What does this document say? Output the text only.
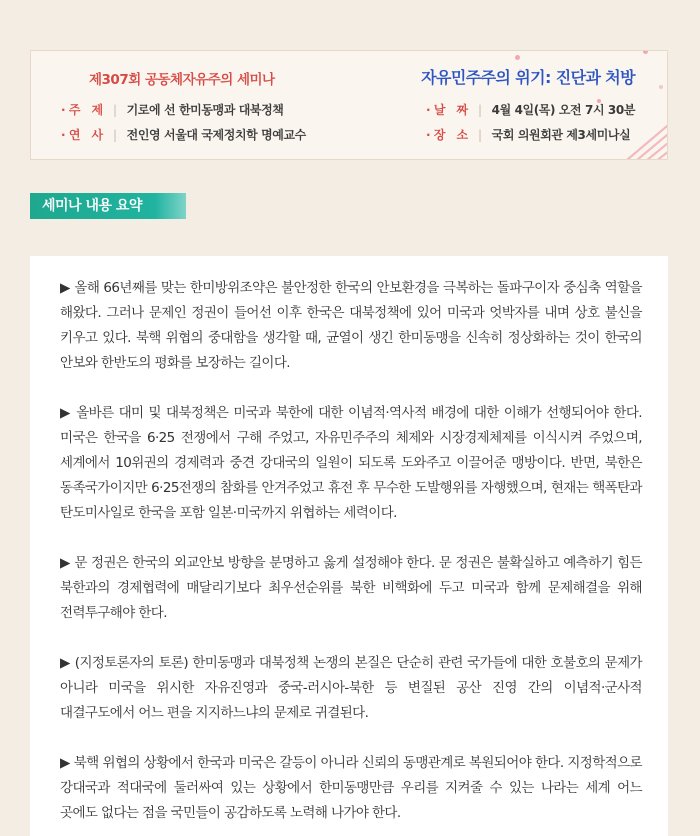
제307회 공동체자유주의 세미나	자유민주주의 위기: 진단과 처방
· 주   제 | 기로에 선 한미동맹과 대북정책
· 연   사 | 전인영 서울대 국제정치학 명예교수
· 날   짜 | 4월 4일(목) 오전 7시 30분
· 장   소 | 국회 의원회관 제3세미나실
세미나 내용 요약

▶ 올해 66년째를 맞는 한미방위조약은 불안정한 한국의 안보환경을 극복하는 돌파구이자 중심축 역할을 해왔다. 그러나 문제인 정권이 들어선 이후 한국은 대북정책에 있어 미국과 엇박자를 내며 상호 불신을 키우고 있다. 북핵 위협의 중대함을 생각할 때, 균열이 생긴 한미동맹을 신속히 정상화하는 것이 한국의 안보와 한반도의 평화를 보장하는 길이다.

▶ 올바른 대미 및 대북정책은 미국과 북한에 대한 이념적·역사적 배경에 대한 이해가 선행되어야 한다. 미국은 한국을 6·25 전쟁에서 구해 주었고, 자유민주주의 체제와 시장경제체제를 이식시켜 주었으며, 세계에서 10위권의 경제력과 중견 강대국의 일원이 되도록 도와주고 이끌어준 맹방이다. 반면, 북한은 동족국가이지만 6·25전쟁의 참화를 안겨주었고 휴전 후 무수한 도발행위를 자행했으며, 현재는 핵폭탄과 탄도미사일로 한국을 포함 일본·미국까지 위협하는 세력이다.

▶ 문 정권은 한국의 외교안보 방향을 분명하고 옳게 설정해야 한다. 문 정권은 불확실하고 예측하기 힘든 북한과의 경제협력에 매달리기보다 최우선순위를 북한 비핵화에 두고 미국과 함께 문제해결을 위해 전력투구해야 한다.

▶ (지정토론자의 토론) 한미동맹과 대북정책 논쟁의 본질은 단순히 관련 국가들에 대한 호불호의 문제가 아니라 미국을 위시한 자유진영과 중국-러시아-북한 등 변질된 공산 진영 간의 이념적·군사적 대결구도에서 어느 편을 지지하느냐의 문제로 귀결된다.

▶ 북핵 위협의 상황에서 한국과 미국은 갈등이 아니라 신뢰의 동맹관계로 복원되어야 한다. 지정학적으로 강대국과 적대국에 둘러싸여 있는 상황에서 한미동맹만큼 우리를 지켜줄 수 있는 나라는 세계 어느 곳에도 없다는 점을 국민들이 공감하도록 노력해 나가야 한다.
